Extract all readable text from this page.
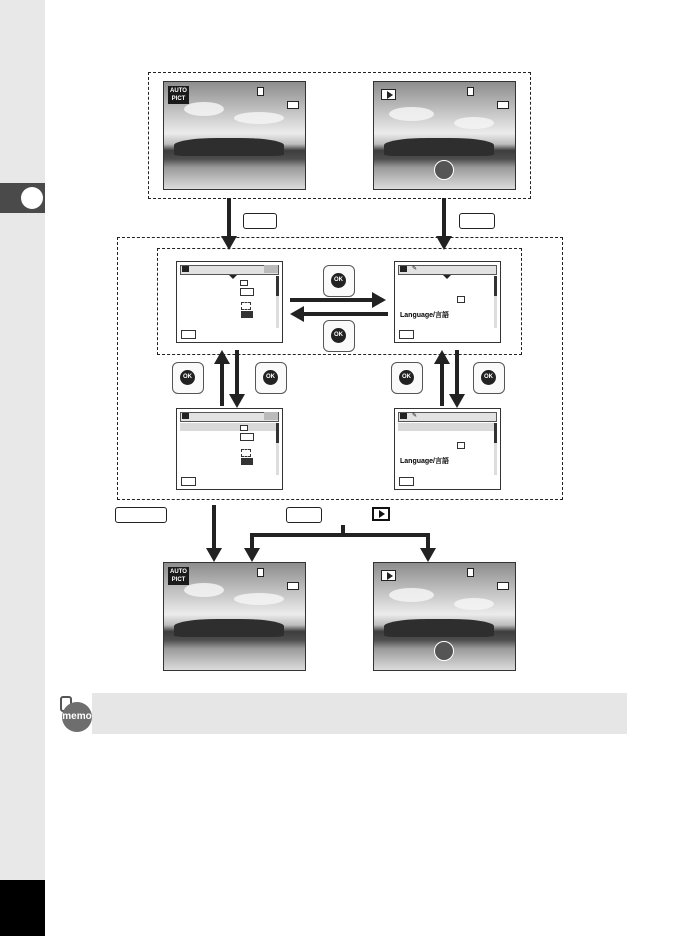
AUTO
PICT
✎
Language/言語
OK
OK
OK	OK	OK	OK
✎
Language/言語
AUTO
PICT
memo
